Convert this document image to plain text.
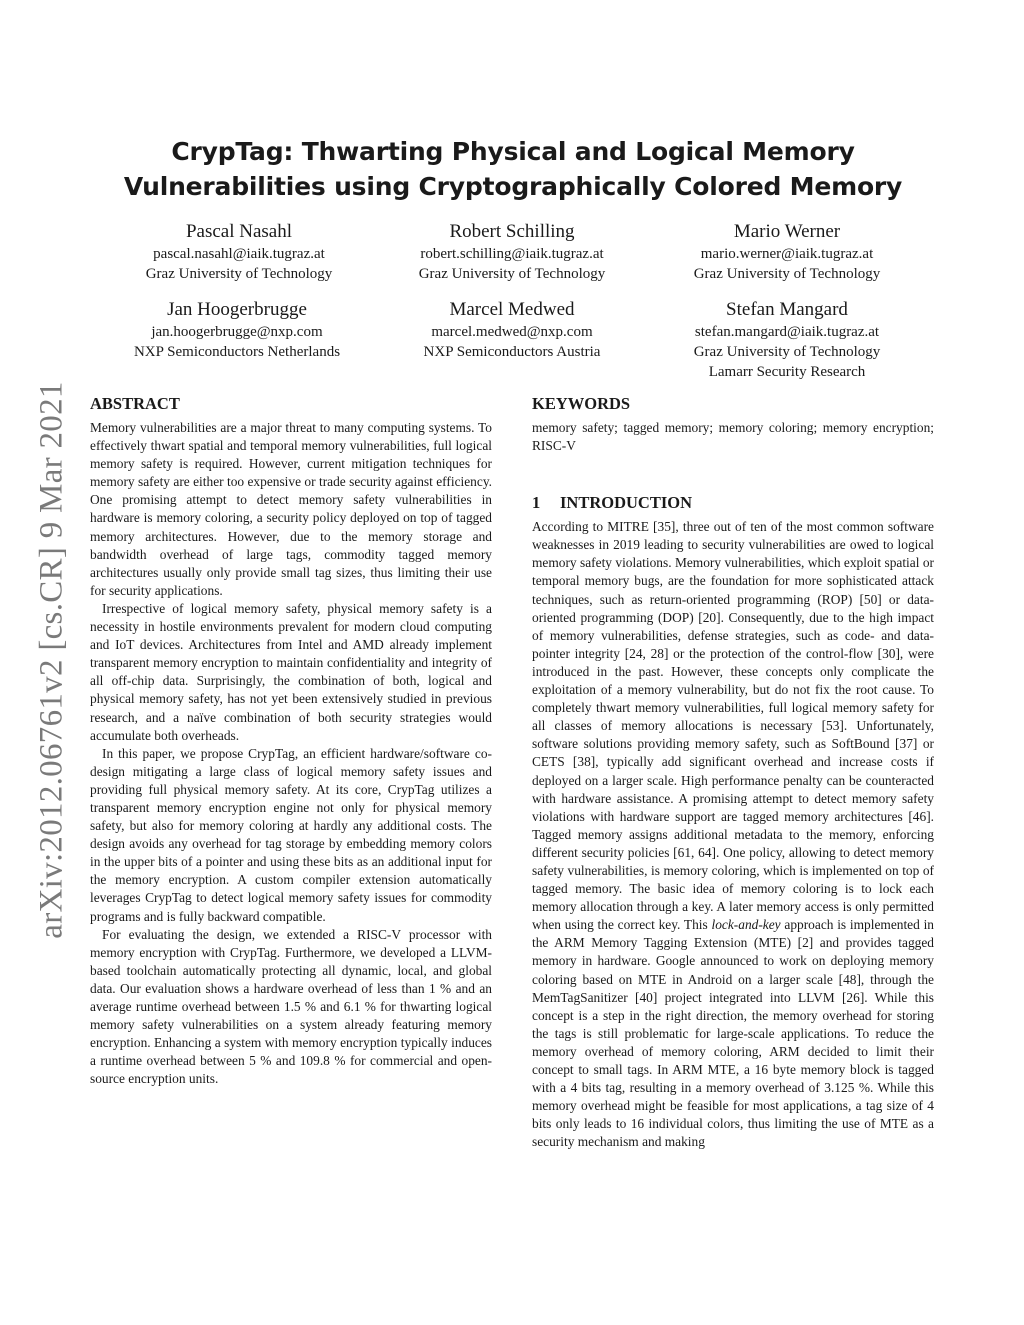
arXiv:2012.06761v2 [cs.CR] 9 Mar 2021
CrypTag: Thwarting Physical and Logical Memory
Vulnerabilities using Cryptographically Colored Memory
Pascal Nasahl
pascal.nasahl@iaik.tugraz.at
Graz University of Technology
Robert Schilling
robert.schilling@iaik.tugraz.at
Graz University of Technology
Mario Werner
mario.werner@iaik.tugraz.at
Graz University of Technology
Jan Hoogerbrugge
jan.hoogerbrugge@nxp.com
NXP Semiconductors Netherlands
Marcel Medwed
marcel.medwed@nxp.com
NXP Semiconductors Austria
Stefan Mangard
stefan.mangard@iaik.tugraz.at
Graz University of Technology
Lamarr Security Research
ABSTRACT

Memory vulnerabilities are a major threat to many computing systems. To effectively thwart spatial and temporal memory vulnerabilities, full logical memory safety is required. However, current mitigation techniques for memory safety are either too expensive or trade security against efficiency. One promising attempt to detect memory safety vulnerabilities in hardware is memory coloring, a security policy deployed on top of tagged memory architectures. However, due to the memory storage and bandwidth overhead of large tags, commodity tagged memory architectures usually only provide small tag sizes, thus limiting their use for security applications.

Irrespective of logical memory safety, physical memory safety is a necessity in hostile environments prevalent for modern cloud computing and IoT devices. Architectures from Intel and AMD already implement transparent memory encryption to maintain confidentiality and integrity of all off-chip data. Surprisingly, the combination of both, logical and physical memory safety, has not yet been extensively studied in previous research, and a naïve combination of both security strategies would accumulate both overheads.

In this paper, we propose CrypTag, an efficient hardware/software co-design mitigating a large class of logical memory safety issues and providing full physical memory safety. At its core, CrypTag utilizes a transparent memory encryption engine not only for physical memory safety, but also for memory coloring at hardly any additional costs. The design avoids any overhead for tag storage by embedding memory colors in the upper bits of a pointer and using these bits as an additional input for the memory encryption. A custom compiler extension automatically leverages CrypTag to detect logical memory safety issues for commodity programs and is fully backward compatible.

For evaluating the design, we extended a RISC-V processor with memory encryption with CrypTag. Furthermore, we developed a LLVM-based toolchain automatically protecting all dynamic, local, and global data. Our evaluation shows a hardware overhead of less than 1 % and an average runtime overhead between 1.5 % and 6.1 % for thwarting logical memory safety vulnerabilities on a system already featuring memory encryption. Enhancing a system with memory encryption typically induces a runtime overhead between 5 % and 109.8 % for commercial and open-source encryption units.

KEYWORDS

memory safety; tagged memory; memory coloring; memory encryption; RISC-V

1 INTRODUCTION

According to MITRE [35], three out of ten of the most common software weaknesses in 2019 leading to security vulnerabilities are owed to logical memory safety violations. Memory vulnerabilities, which exploit spatial or temporal memory bugs, are the foundation for more sophisticated attack techniques, such as return-oriented programming (ROP) [50] or data-oriented programming (DOP) [20]. Consequently, due to the high impact of memory vulnerabilities, defense strategies, such as code- and data-pointer integrity [24, 28] or the protection of the control-flow [30], were introduced in the past. However, these concepts only complicate the exploitation of a memory vulnerability, but do not fix the root cause. To completely thwart memory vulnerabilities, full logical memory safety for all classes of memory allocations is necessary [53]. Unfortunately, software solutions providing memory safety, such as SoftBound [37] or CETS [38], typically add significant overhead and increase costs if deployed on a larger scale. High performance penalty can be counteracted with hardware assistance. A promising attempt to detect memory safety violations with hardware support are tagged memory architectures [46]. Tagged memory assigns additional metadata to the memory, enforcing different security policies [61, 64]. One policy, allowing to detect memory safety vulnerabilities, is memory coloring, which is implemented on top of tagged memory. The basic idea of memory coloring is to lock each memory allocation through a key. A later memory access is only permitted when using the correct key. This lock-and-key approach is implemented in the ARM Memory Tagging Extension (MTE) [2] and provides tagged memory in hardware. Google announced to work on deploying memory coloring based on MTE in Android on a larger scale [48], through the MemTagSanitizer [40] project integrated into LLVM [26]. While this concept is a step in the right direction, the memory overhead for storing the tags is still problematic for large-scale applications. To reduce the memory overhead of memory coloring, ARM decided to limit their concept to small tags. In ARM MTE, a 16 byte memory block is tagged with a 4 bits tag, resulting in a memory overhead of 3.125 %. While this memory overhead might be feasible for most applications, a tag size of 4 bits only leads to 16 individual colors, thus limiting the use of MTE as a security mechanism and making
